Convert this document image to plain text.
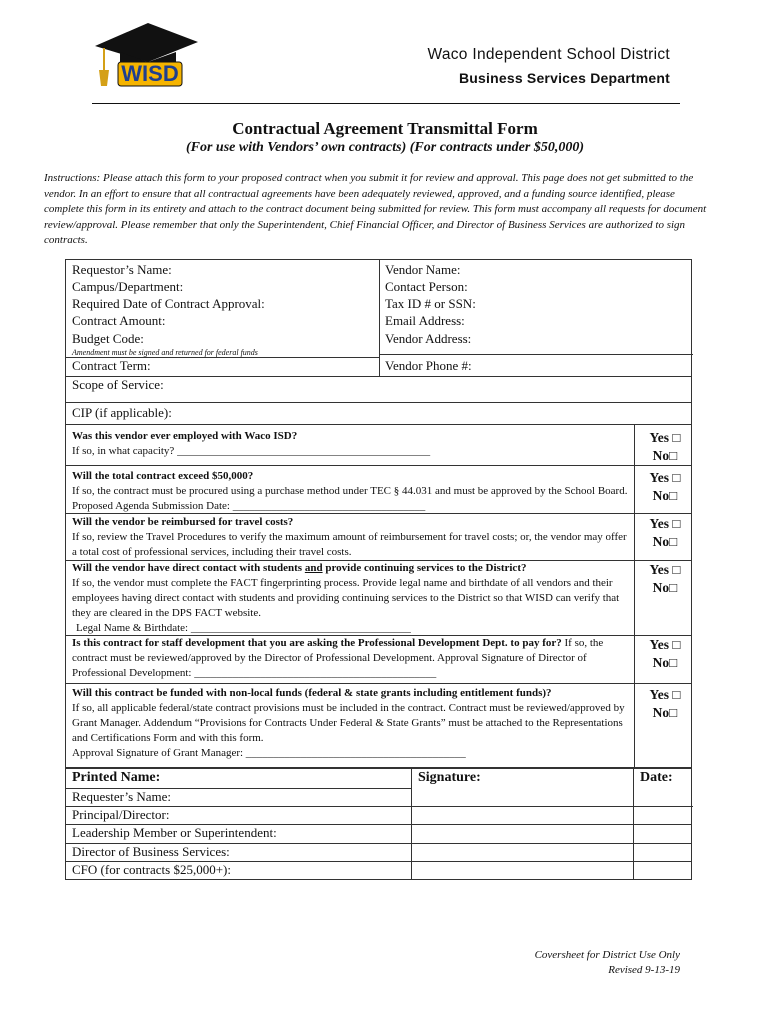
WISD
Waco Independent School District
Business Services Department
Contractual Agreement Transmittal Form
(For use with Vendors’ own contracts) (For contracts under $50,000)
Instructions: Please attach this form to your proposed contract when you submit it for review and approval. This page does not get submitted to the vendor. In an effort to ensure that all contractual agreements have been adequately reviewed, approved, and a funding source identified, please complete this form in its entirety and attach to the contract document being submitted for review. This form must accompany all requests for document review/approval. Please remember that only the Superintendent, Chief Financial Officer, and Director of Business Services are authorized to sign contracts.
Requestor’s Name:
Campus/Department:
Required Date of Contract Approval:
Contract Amount:
Budget Code:
Amendment must be signed and returned for federal funds
Contract Term:
Vendor Name:
Contact Person:
Tax ID # or SSN:
Email Address:
Vendor Address:
Vendor Phone #:
Scope of Service:
CIP (if applicable):
Was this vendor ever employed with Waco ISD?
If so, in what capacity? ______________________________________________
Yes □
No□
Will the total contract exceed $50,000?
If so, the contract must be procured using a purchase method under TEC § 44.031 and must be approved by the School Board. Proposed Agenda Submission Date: ___________________________________
Yes □
No□
Will the vendor be reimbursed for travel costs?
If so, review the Travel Procedures to verify the maximum amount of reimbursement for travel costs; or, the vendor may offer a total cost of professional services, including their travel costs.
Yes □
No□
Will the vendor have direct contact with students and provide continuing services to the District?
If so, the vendor must complete the FACT fingerprinting process. Provide legal name and birthdate of all vendors and their employees having direct contact with students and providing continuing services to the District so that WISD can verify that they are cleared in the DPS FACT website.
Legal Name & Birthdate: ________________________________________
Yes □
No□
Is this contract for staff development that you are asking the Professional Development Dept. to pay for? If so, the contract must be reviewed/approved by the Director of Professional Development. Approval Signature of Director of Professional Development: ____________________________________________
Yes □
No□
Will this contract be funded with non-local funds (federal & state grants including entitlement funds)?
If so, all applicable federal/state contract provisions must be included in the contract. Contract must be reviewed/approved by Grant Manager. Addendum “Provisions for Contracts Under Federal & State Grants” must be attached to the Representations and Certifications Form and with this form.
Approval Signature of Grant Manager: ________________________________________
Yes □
No□
Printed Name:	Signature:	Date:
Requester’s Name:
Principal/Director:
Leadership Member or Superintendent:
Director of Business Services:
CFO (for contracts $25,000+):
Coversheet for District Use Only
Revised 9-13-19
